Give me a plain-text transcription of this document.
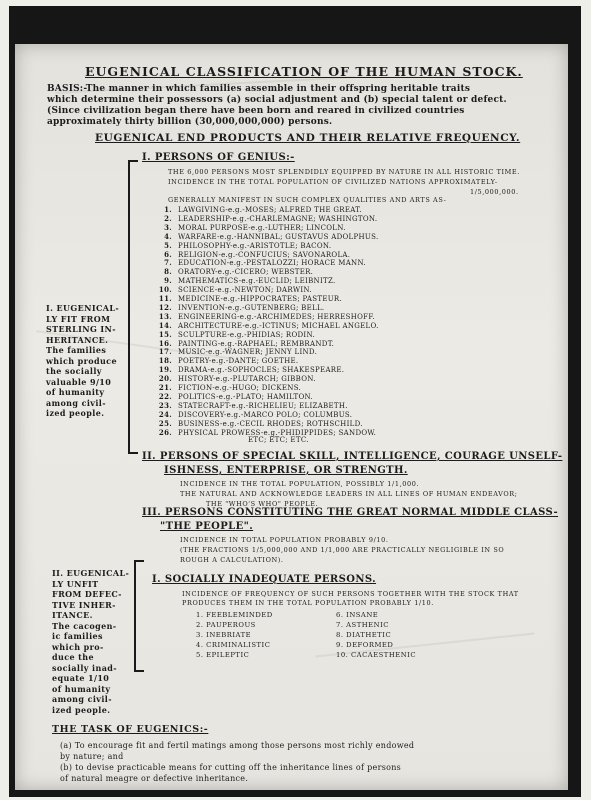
EUGENICAL CLASSIFICATION OF THE HUMAN STOCK.
BASIS:-The manner in which families assemble in their offspring heritable traits
which determine their possessors (a) social adjustment and (b) special talent or defect.
(Since civilization began there have been born and reared in civilized countries
approximately thirty billion (30,000,000,000) persons.
EUGENICAL END PRODUCTS AND THEIR RELATIVE FREQUENCY.
I. PERSONS OF GENIUS:-
THE 6,000 PERSONS MOST SPLENDIDLY EQUIPPED BY NATURE IN ALL HISTORIC TIME.
INCIDENCE IN THE TOTAL POPULATION OF CIVILIZED NATIONS APPROXIMATELY-
1/5,000,000.
GENERALLY MANIFEST IN SUCH COMPLEX QUALITIES AND ARTS AS-
1. LAWGIVING-e.g.-MOSES; ALFRED THE GREAT.
2. LEADERSHIP-e.g.-CHARLEMAGNE; WASHINGTON.
3. MORAL PURPOSE-e.g.-LUTHER; LINCOLN.
4. WARFARE-e.g.-HANNIBAL; GUSTAVUS ADOLPHUS.
5. PHILOSOPHY-e.g.-ARISTOTLE; BACON.
6. RELIGION-e.g.-CONFUCIUS; SAVONAROLA.
7. EDUCATION-e.g.-PESTALOZZI; HORACE MANN.
8. ORATORY-e.g.-CICERO; WEBSTER.
9. MATHEMATICS-e.g.-EUCLID; LEIBNITZ.
10. SCIENCE-e.g.-NEWTON; DARWIN.
11. MEDICINE-e.g.-HIPPOCRATES; PASTEUR.
12. INVENTION-e.g.-GUTENBERG; BELL.
13. ENGINEERING-e.g.-ARCHIMEDES; HERRESHOFF.
14. ARCHITECTURE-e.g.-ICTINUS; MICHAEL ANGELO.
15. SCULPTURE-e.g.-PHIDIAS; RODIN.
16. PAINTING-e.g.-RAPHAEL; REMBRANDT.
17. MUSIC-e.g.-WAGNER; JENNY LIND.
18. POETRY-e.g.-DANTE; GOETHE.
19. DRAMA-e.g.-SOPHOCLES; SHAKESPEARE.
20. HISTORY-e.g.-PLUTARCH; GIBBON.
21. FICTION-e.g.-HUGO; DICKENS.
22. POLITICS-e.g.-PLATO; HAMILTON.
23. STATECRAFT-e.g.-RICHELIEU; ELIZABETH.
24. DISCOVERY-e.g.-MARCO POLO; COLUMBUS.
25. BUSINESS-e.g.-CECIL RHODES; ROTHSCHILD.
26. PHYSICAL PROWESS-e.g.-PHIDIPPIDES; SANDOW.
ETC; ETC; ETC.
I. EUGENICAL-
LY FIT FROM
STERLING IN-
HERITANCE.
The families
which produce
the socially
valuable 9/10
of humanity
among civil-
ized people.
II. PERSONS OF SPECIAL SKILL, INTELLIGENCE, COURAGE UNSELF-
ISHNESS, ENTERPRISE, OR STRENGTH.
INCIDENCE IN THE TOTAL POPULATION, POSSIBLY 1/1,000.
THE NATURAL AND ACKNOWLEDGE LEADERS IN ALL LINES OF HUMAN ENDEAVOR;
THE "WHO'S WHO" PEOPLE.
III. PERSONS CONSTITUTING THE GREAT NORMAL MIDDLE CLASS-
"THE PEOPLE".
INCIDENCE IN TOTAL POPULATION PROBABLY 9/10.
(THE FRACTIONS 1/5,000,000 AND 1/1,000 ARE PRACTICALLY NEGLIGIBLE IN SO
ROUGH A CALCULATION).
II. EUGENICAL-
LY UNFIT
FROM DEFEC-
TIVE INHER-
ITANCE.
The cacogen-
ic families
which pro-
duce the
socially inad-
equate 1/10
of humanity
among civil-
ized people.
I. SOCIALLY INADEQUATE PERSONS.
INCIDENCE OF FREQUENCY OF SUCH PERSONS TOGETHER WITH THE STOCK THAT
PRODUCES THEM IN THE TOTAL POPULATION PROBABLY 1/10.
1. FEEBLEMINDED
2. PAUPEROUS
3. INEBRIATE
4. CRIMINALISTIC
5. EPILEPTIC
6. INSANE
7. ASTHENIC
8. DIATHETIC
9. DEFORMED
10. CACAESTHENIC
THE TASK OF EUGENICS:-
(a) To encourage fit and fertil matings among those persons most richly endowed
by nature; and
(b) to devise practicable means for cutting off the inheritance lines of persons
of natural meagre or defective inheritance.
